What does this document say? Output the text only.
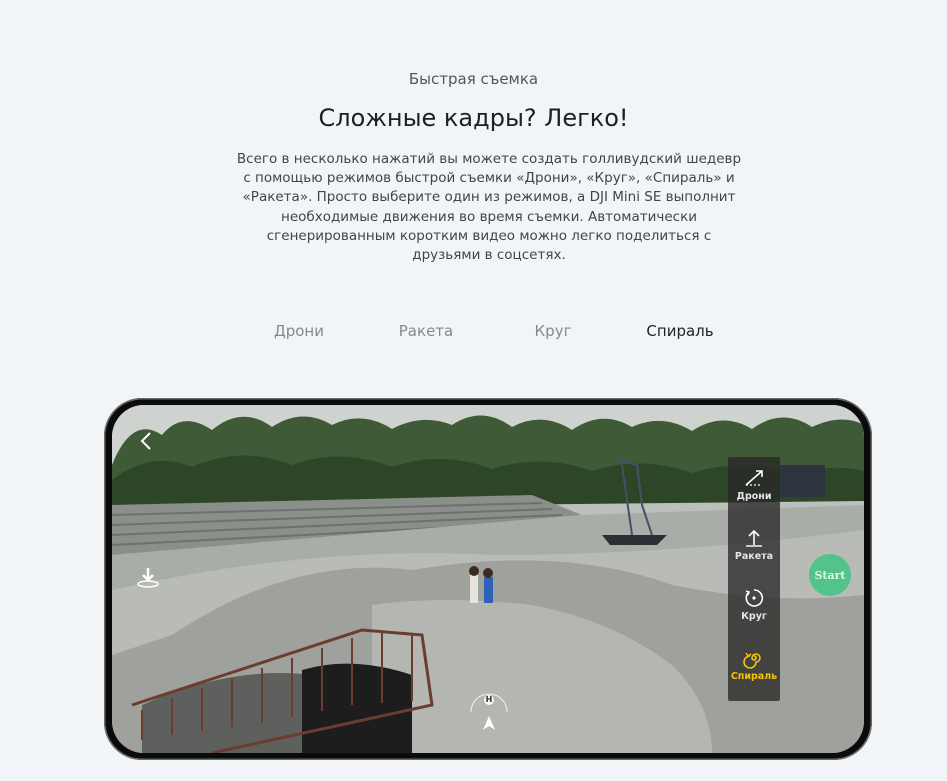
Быстрая съемка
Сложные кадры? Легко!

Всего в несколько нажатий вы можете создать голливудский шедевр с помощью режимов быстрой съемки «Дрони», «Круг», «Спираль» и «Ракета». Просто выберите один из режимов, а DJI Mini SE выполнит необходимые движения во время съемки. Автоматически сгенерированным коротким видео можно легко поделиться с друзьями в соцсетях.

Дрони	Ракета	Круг	Спираль
Дрони
Ракета
Круг
Спираль
Start
H
